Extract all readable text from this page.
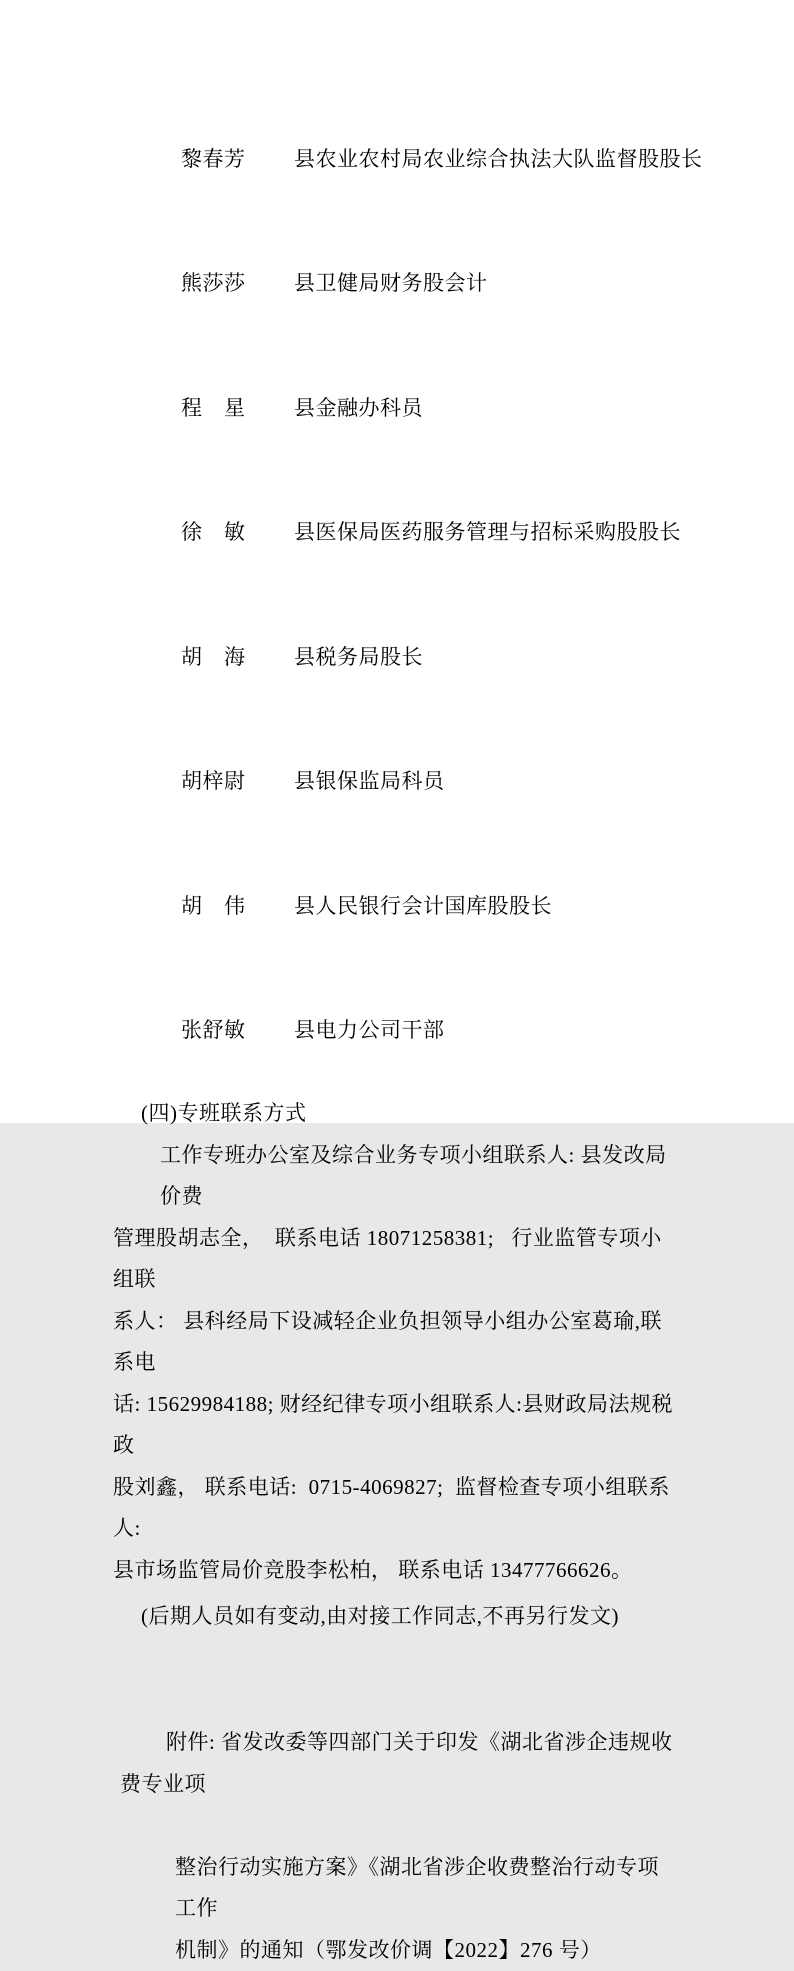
黎春芳 县农业农村局农业综合执法大队监督股股长

熊莎莎 县卫健局财务股会计

程　星 县金融办科员

徐　敏 县医保局医药服务管理与招标采购股股长

胡　海 县税务局股长

胡梓尉 县银保监局科员

胡　伟 县人民银行会计国库股股长

张舒敏 县电力公司干部

(四)专班联系方式
工作专班办公室及综合业务专项小组联系人: 县发改局价费
管理股胡志全，  联系电话 18071258381;   行业监管专项小组联
系人： 县科经局下设减轻企业负担领导小组办公室葛瑜,联系电
话: 15629984188; 财经纪律专项小组联系人:县财政局法规税政
股刘鑫， 联系电话:  0715-4069827;  监督检查专项小组联系人:
县市场监管局价竞股李松柏， 联系电话 13477766626。
(后期人员如有变动,由对接工作同志,不再另行发文)

附件: 省发改委等四部门关于印发《湖北省涉企违规收费专业项

整治行动实施方案》《湖北省涉企收费整治行动专项工作
机制》的通知（鄂发改价调【2022】276 号）
